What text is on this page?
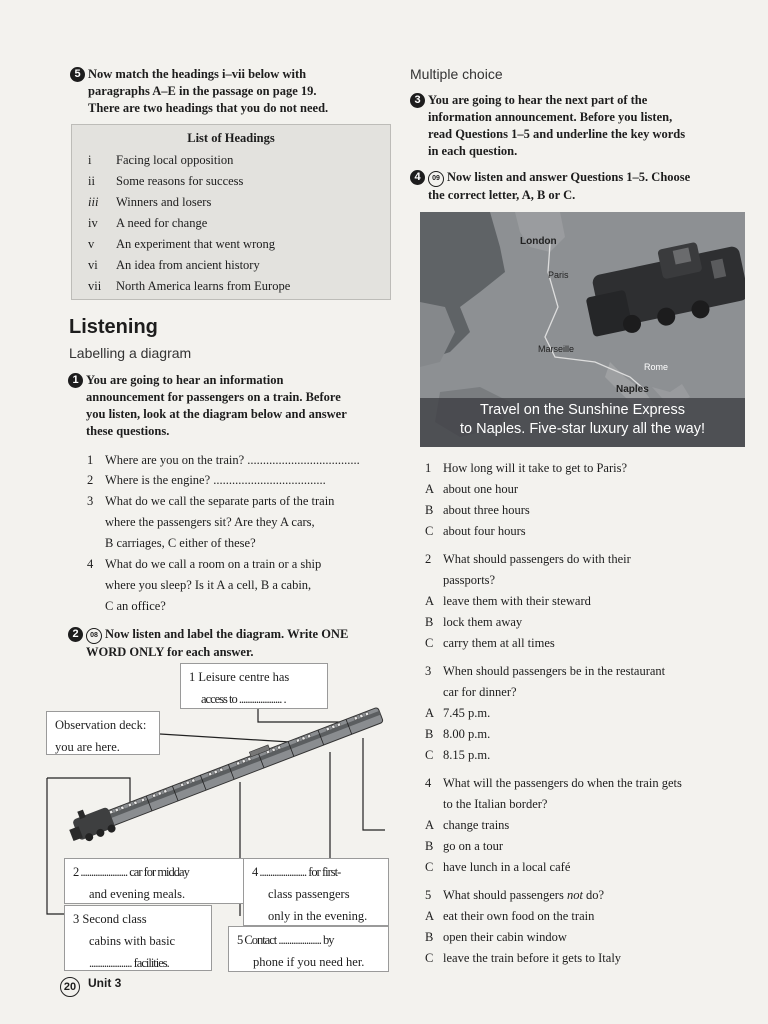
5 Now match the headings i–vii below with
paragraphs A–E in the passage on page 19.
There are two headings that you do not need.
List of Headings
i	Facing local opposition
ii	Some reasons for success
iii	Winners and losers
iv	A need for change
v	An experiment that went wrong
vi	An idea from ancient history
vii	North America learns from Europe
Listening
Labelling a diagram
1 You are going to hear an information
announcement for passengers on a train. Before
you listen, look at the diagram below and answer
these questions.
1 Where are you on the train? ....................................
2 Where is the engine? ....................................
3 What do we call the separate parts of the train
where the passengers sit? Are they A cars,
B carriages, C either of these?
4 What do we call a room on a train or a ship
where you sleep? Is it A a cell, B a cabin,
C an office?
2 08 Now listen and label the diagram. Write ONE
WORD ONLY for each answer.
1 Leisure centre has
access to .................... .
Observation deck:
you are here.
2 ...................... car for midday
and evening meals.
4 ...................... for first-
class passengers
only in the evening.
3 Second class
cabins with basic
.................... facilities.
5 Contact .................... by
phone if you need her.
20 Unit 3
Multiple choice
3 You are going to hear the next part of the
information announcement. Before you listen,
read Questions 1–5 and underline the key words
in each question.
4 09 Now listen and answer Questions 1–5. Choose
the correct letter, A, B or C.
London
Paris
Marseille
Rome
Naples
Travel on the Sunshine Express
to Naples. Five-star luxury all the way!
1 How long will it take to get to Paris?
A about one hour
B about three hours
C about four hours
2 What should passengers do with their
passports?
A leave them with their steward
B lock them away
C carry them at all times
3 When should passengers be in the restaurant
car for dinner?
A 7.45 p.m.
B 8.00 p.m.
C 8.15 p.m.
4 What will the passengers do when the train gets
to the Italian border?
A change trains
B go on a tour
C have lunch in a local café
5 What should passengers not do?
A eat their own food on the train
B open their cabin window
C leave the train before it gets to Italy
